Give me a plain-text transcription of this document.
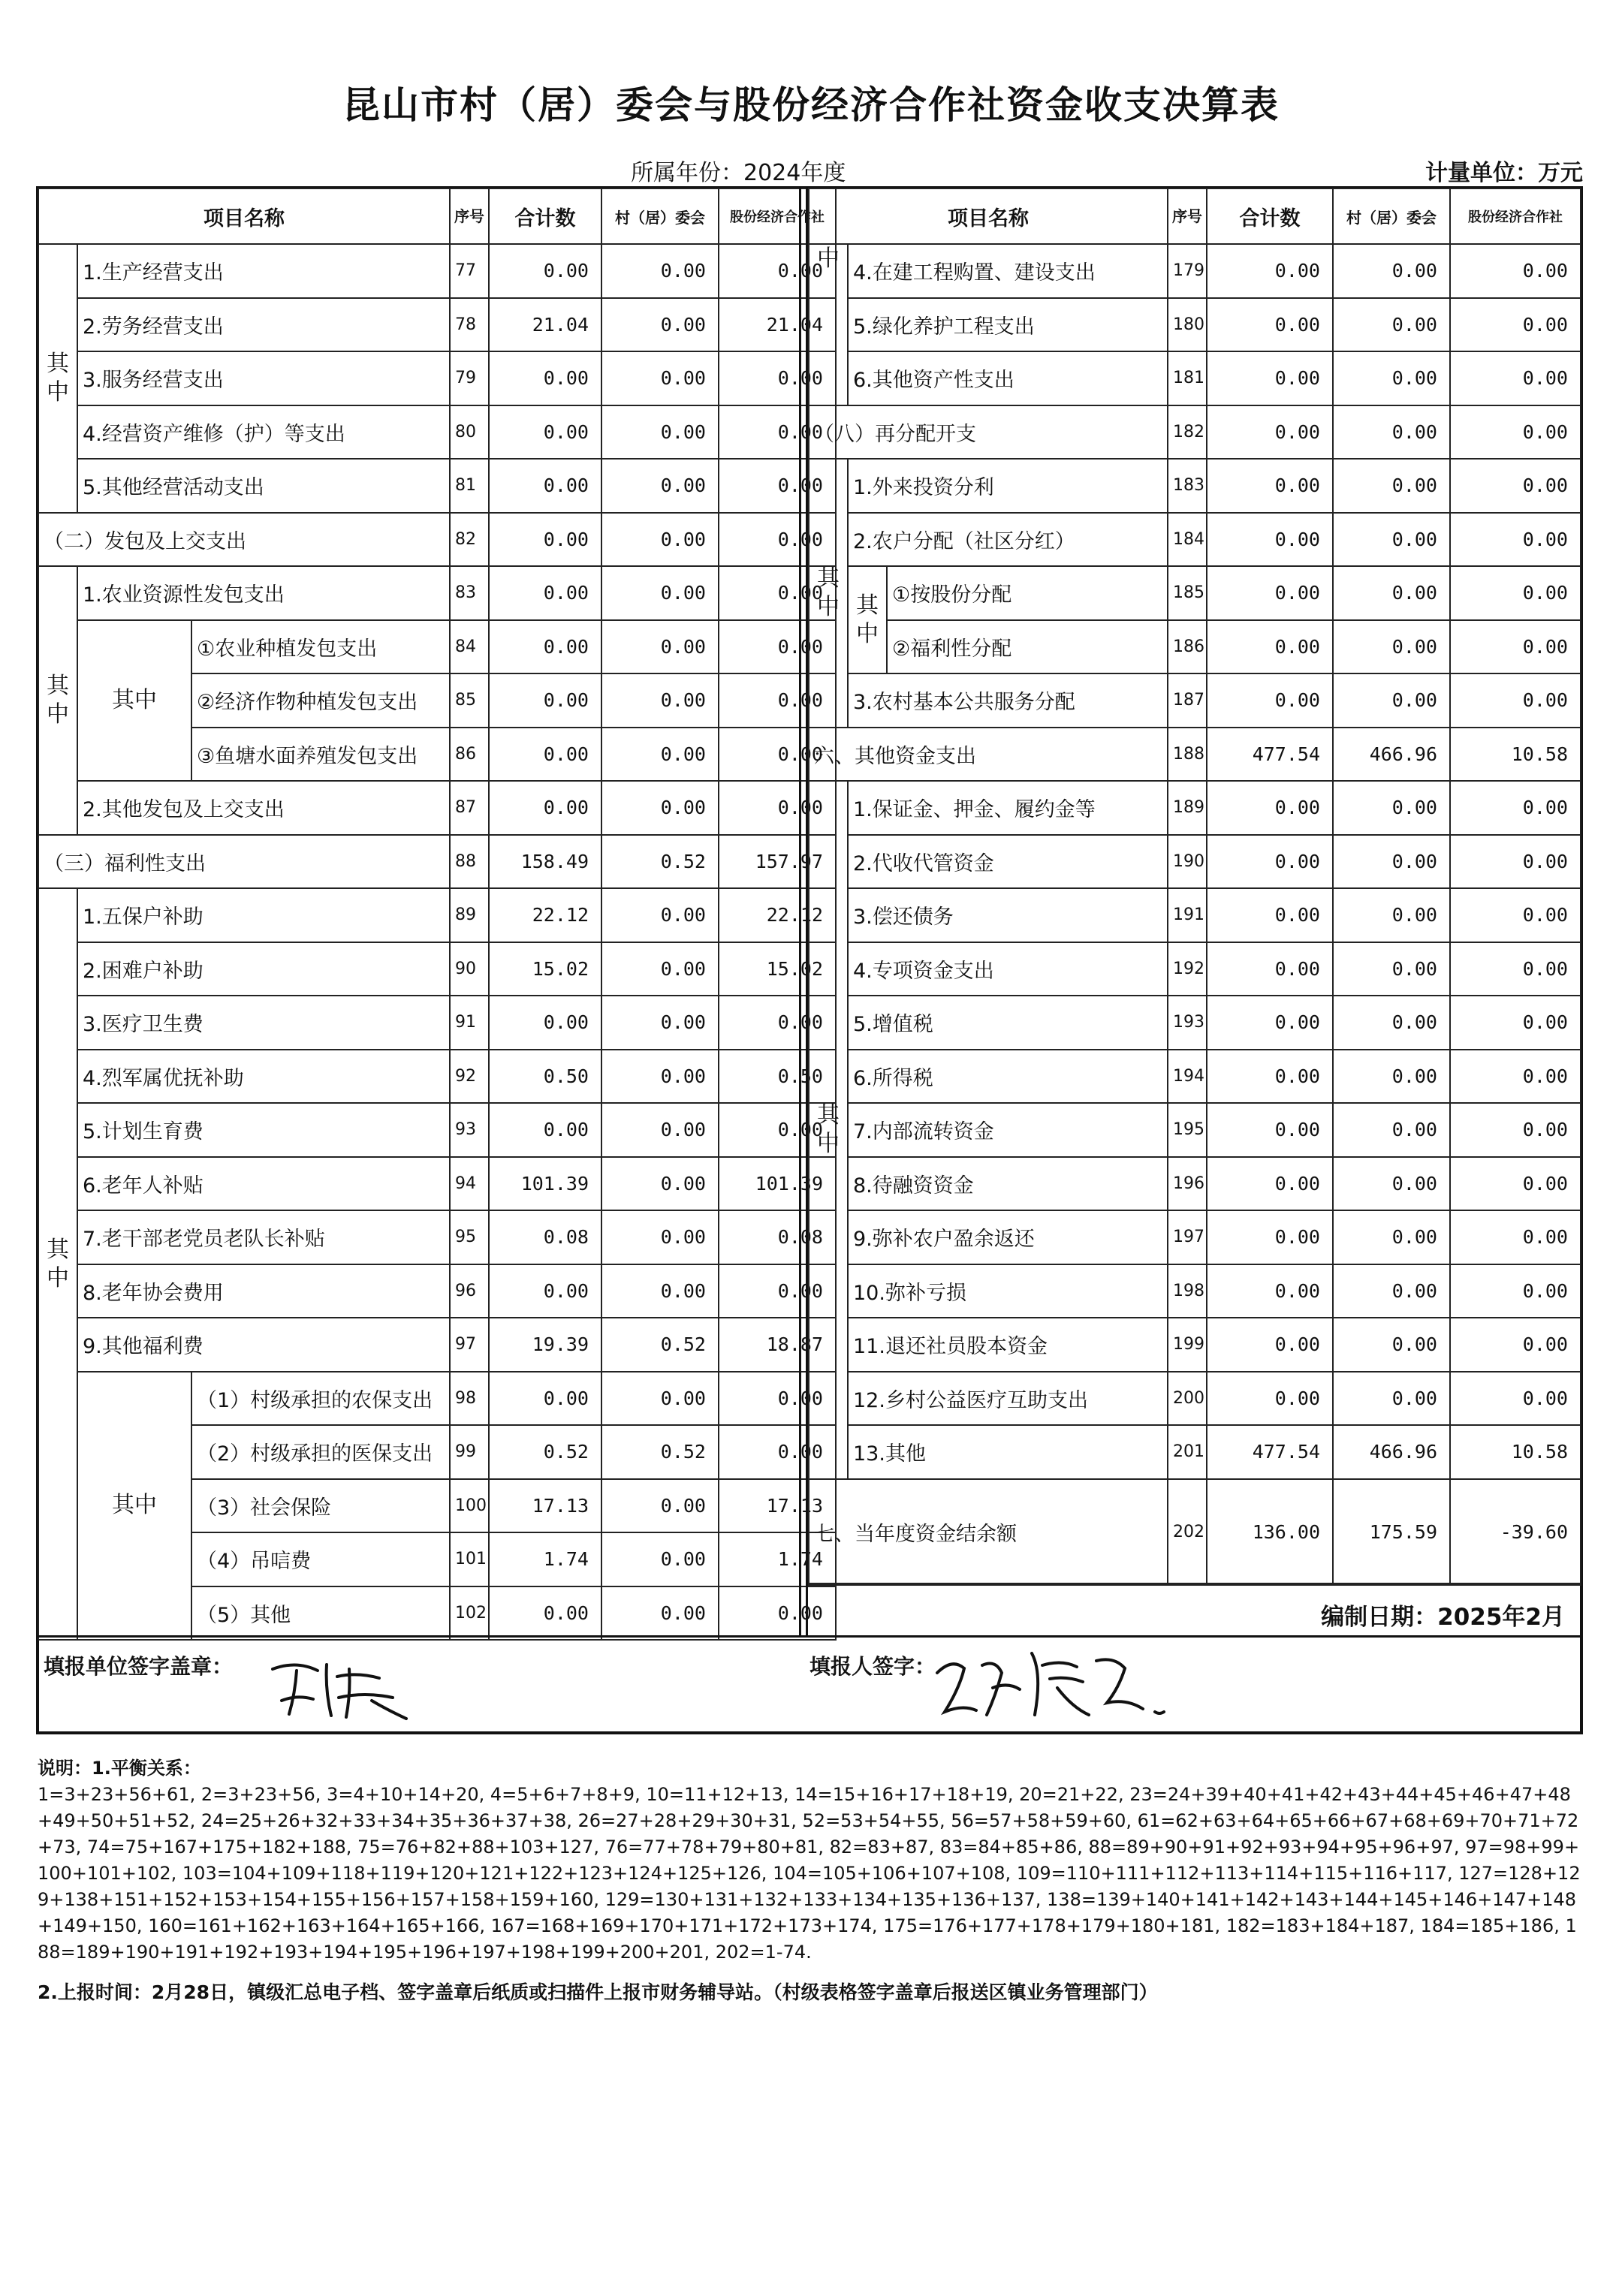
昆山市村（居）委会与股份经济合作社资金收支决算表
所属年份：2024年度	计量单位：万元
项目名称			序号	合计数	村（居）委会	股份经济合作社
其中	1.生产经营支出		77	0.00	0.00	0.00
	2.劳务经营支出		78	21.04	0.00	21.04
	3.服务经营支出		79	0.00	0.00	0.00
	4.经营资产维修（护）等支出		80	0.00	0.00	0.00
	5.其他经营活动支出		81	0.00	0.00	0.00
（二）发包及上交支出			82	0.00	0.00	0.00
其中	1.农业资源性发包支出		83	0.00	0.00	0.00
	其中	①农业种植发包支出	84	0.00	0.00	0.00
		②经济作物种植发包支出	85	0.00	0.00	0.00
		③鱼塘水面养殖发包支出	86	0.00	0.00	0.00
	2.其他发包及上交支出		87	0.00	0.00	0.00
（三）福利性支出			88	158.49	0.52	157.97
其中	1.五保户补助		89	22.12	0.00	22.12
	2.困难户补助		90	15.02	0.00	15.02
	3.医疗卫生费		91	0.00	0.00	0.00
	4.烈军属优抚补助		92	0.50	0.00	0.50
	5.计划生育费		93	0.00	0.00	0.00
	6.老年人补贴		94	101.39	0.00	101.39
	7.老干部老党员老队长补贴		95	0.08	0.00	0.08
	8.老年协会费用		96	0.00	0.00	0.00
	9.其他福利费		97	19.39	0.52	18.87
	其中	（1）村级承担的农保支出	98	0.00	0.00	0.00
		（2）村级承担的医保支出	99	0.52	0.52	0.00
		（3）社会保险	100	17.13	0.00	17.13
		（4）吊唁费	101	1.74	0.00	1.74
		（5）其他	102	0.00	0.00	0.00
项目名称			序号	合计数	村（居）委会	股份经济合作社
中	4.在建工程购置、建设支出		179	0.00	0.00	0.00
	5.绿化养护工程支出		180	0.00	0.00	0.00
	6.其他资产性支出		181	0.00	0.00	0.00
（八）再分配开支			182	0.00	0.00	0.00
其中	1.外来投资分利		183	0.00	0.00	0.00
	2.农户分配（社区分红）		184	0.00	0.00	0.00
	其中	①按股份分配	185	0.00	0.00	0.00
		②福利性分配	186	0.00	0.00	0.00
	3.农村基本公共服务分配		187	0.00	0.00	0.00
六、其他资金支出			188	477.54	466.96	10.58
其中	1.保证金、押金、履约金等		189	0.00	0.00	0.00
	2.代收代管资金		190	0.00	0.00	0.00
	3.偿还债务		191	0.00	0.00	0.00
	4.专项资金支出		192	0.00	0.00	0.00
	5.增值税		193	0.00	0.00	0.00
	6.所得税		194	0.00	0.00	0.00
	7.内部流转资金		195	0.00	0.00	0.00
	8.待融资资金		196	0.00	0.00	0.00
	9.弥补农户盈余返还		197	0.00	0.00	0.00
	10.弥补亏损		198	0.00	0.00	0.00
	11.退还社员股本资金		199	0.00	0.00	0.00
	12.乡村公益医疗互助支出		200	0.00	0.00	0.00
	13.其他		201	477.54	466.96	10.58
七、当年度资金结余额			202	136.00	175.59	-39.60
编制日期：2025年2月
填报单位签字盖章：	填报人签字：

说明：1.平衡关系：

1=3+23+56+61, 2=3+23+56, 3=4+10+14+20, 4=5+6+7+8+9, 10=11+12+13, 14=15+16+17+18+19, 20=21+22, 23=24+39+40+41+42+43+44+45+46+47+48+49+50+51+52, 24=25+26+32+33+34+35+36+37+38, 26=27+28+29+30+31, 52=53+54+55, 56=57+58+59+60, 61=62+63+64+65+66+67+68+69+70+71+72+73, 74=75+167+175+182+188, 75=76+82+88+103+127, 76=77+78+79+80+81, 82=83+87, 83=84+85+86, 88=89+90+91+92+93+94+95+96+97, 97=98+99+100+101+102, 103=104+109+118+119+120+121+122+123+124+125+126, 104=105+106+107+108, 109=110+111+112+113+114+115+116+117, 127=128+129+138+151+152+153+154+155+156+157+158+159+160, 129=130+131+132+133+134+135+136+137, 138=139+140+141+142+143+144+145+146+147+148+149+150, 160=161+162+163+164+165+166, 167=168+169+170+171+172+173+174, 175=176+177+178+179+180+181, 182=183+184+187, 184=185+186, 188=189+190+191+192+193+194+195+196+197+198+199+200+201, 202=1-74.

2.上报时间：2月28日，镇级汇总电子档、签字盖章后纸质或扫描件上报市财务辅导站。（村级表格签字盖章后报送区镇业务管理部门）
